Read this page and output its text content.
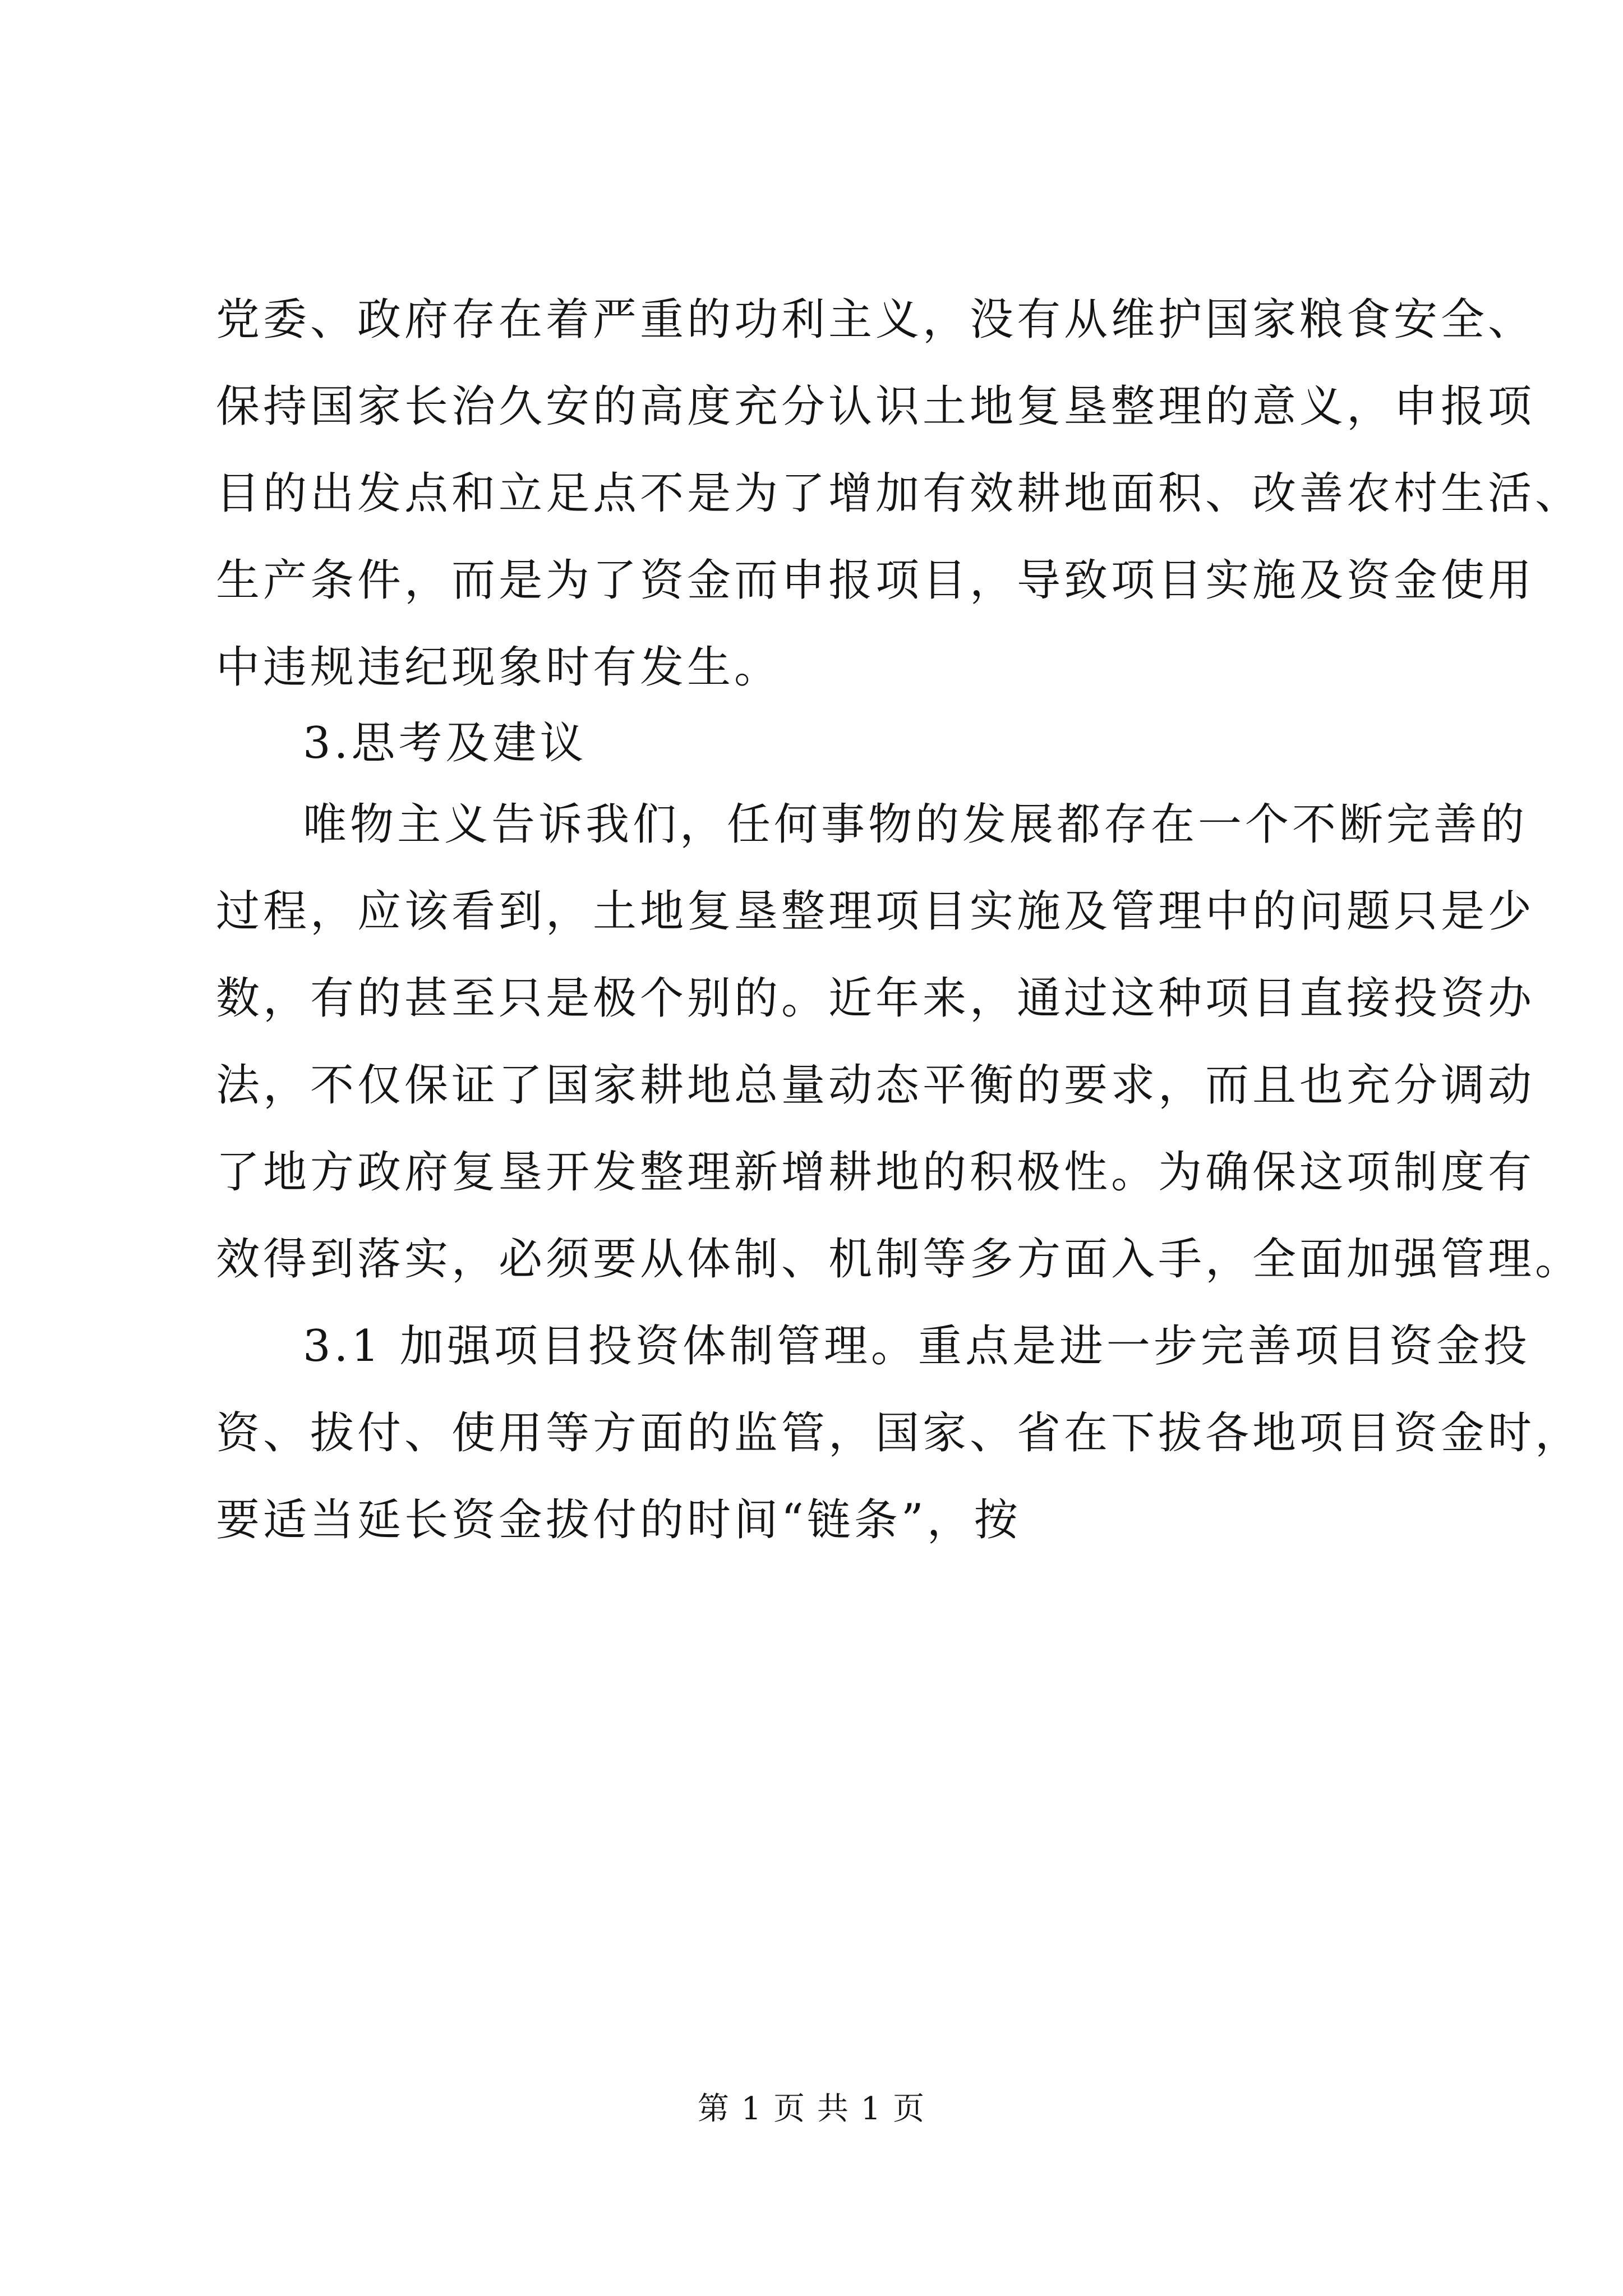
党委、政府存在着严重的功利主义，没有从维护国家粮食安全、
保持国家长治久安的高度充分认识土地复垦整理的意义，申报项
目的出发点和立足点不是为了增加有效耕地面积、改善农村生活、
生产条件，而是为了资金而申报项目，导致项目实施及资金使用
中违规违纪现象时有发生。
3.思考及建议
唯物主义告诉我们，任何事物的发展都存在一个不断完善的
过程，应该看到，土地复垦整理项目实施及管理中的问题只是少
数，有的甚至只是极个别的。近年来，通过这种项目直接投资办
法，不仅保证了国家耕地总量动态平衡的要求，而且也充分调动
了地方政府复垦开发整理新增耕地的积极性。为确保这项制度有
效得到落实，必须要从体制、机制等多方面入手，全面加强管理。
3.1 加强项目投资体制管理。重点是进一步完善项目资金投
资、拔付、使用等方面的监管，国家、省在下拔各地项目资金时，
要适当延长资金拔付的时间“链条”，按
第 1 页 共 1 页
